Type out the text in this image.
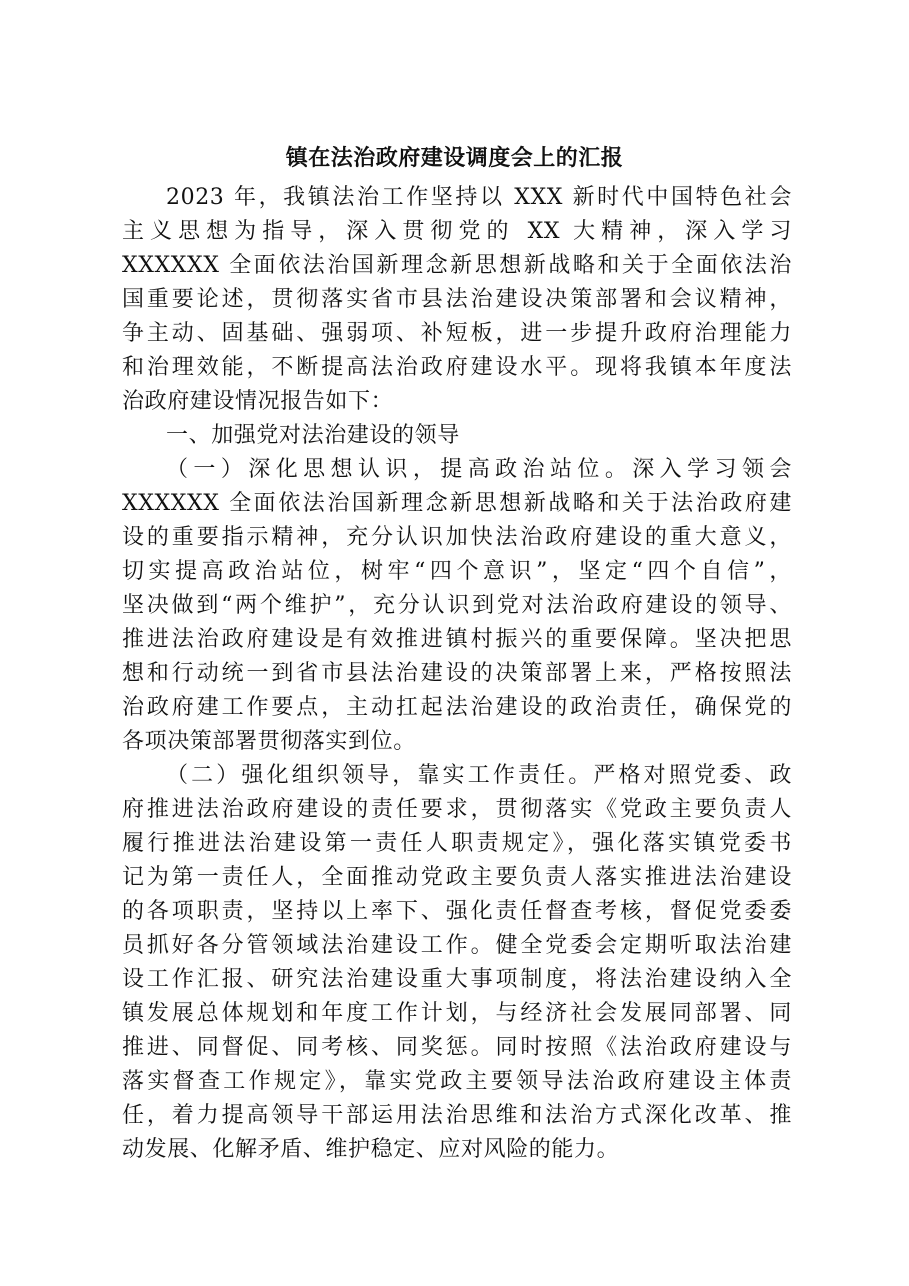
镇在法治政府建设调度会上的汇报
2023 年，我镇法治工作坚持以 XXX 新时代中国特色社会
主义思想为指导，深入贯彻党的 XX 大精神，深入学习
XXXXXX 全面依法治国新理念新思想新战略和关于全面依法治
国重要论述，贯彻落实省市县法治建设决策部署和会议精神，
争主动、固基础、强弱项、补短板，进一步提升政府治理能力
和治理效能，不断提高法治政府建设水平。现将我镇本年度法
治政府建设情况报告如下：
一、加强党对法治建设的领导
（一）深化思想认识，提高政治站位。深入学习领会
XXXXXX 全面依法治国新理念新思想新战略和关于法治政府建
设的重要指示精神，充分认识加快法治政府建设的重大意义，
切实提高政治站位，树牢“四个意识”，坚定“四个自信”，
坚决做到“两个维护”，充分认识到党对法治政府建设的领导、
推进法治政府建设是有效推进镇村振兴的重要保障。坚决把思
想和行动统一到省市县法治建设的决策部署上来，严格按照法
治政府建工作要点，主动扛起法治建设的政治责任，确保党的
各项决策部署贯彻落实到位。
（二）强化组织领导，靠实工作责任。严格对照党委、政
府推进法治政府建设的责任要求，贯彻落实《党政主要负责人
履行推进法治建设第一责任人职责规定》，强化落实镇党委书
记为第一责任人，全面推动党政主要负责人落实推进法治建设
的各项职责，坚持以上率下、强化责任督查考核，督促党委委
员抓好各分管领域法治建设工作。健全党委会定期听取法治建
设工作汇报、研究法治建设重大事项制度，将法治建设纳入全
镇发展总体规划和年度工作计划，与经济社会发展同部署、同
推进、同督促、同考核、同奖惩。同时按照《法治政府建设与
落实督查工作规定》，靠实党政主要领导法治政府建设主体责
任，着力提高领导干部运用法治思维和法治方式深化改革、推
动发展、化解矛盾、维护稳定、应对风险的能力。
